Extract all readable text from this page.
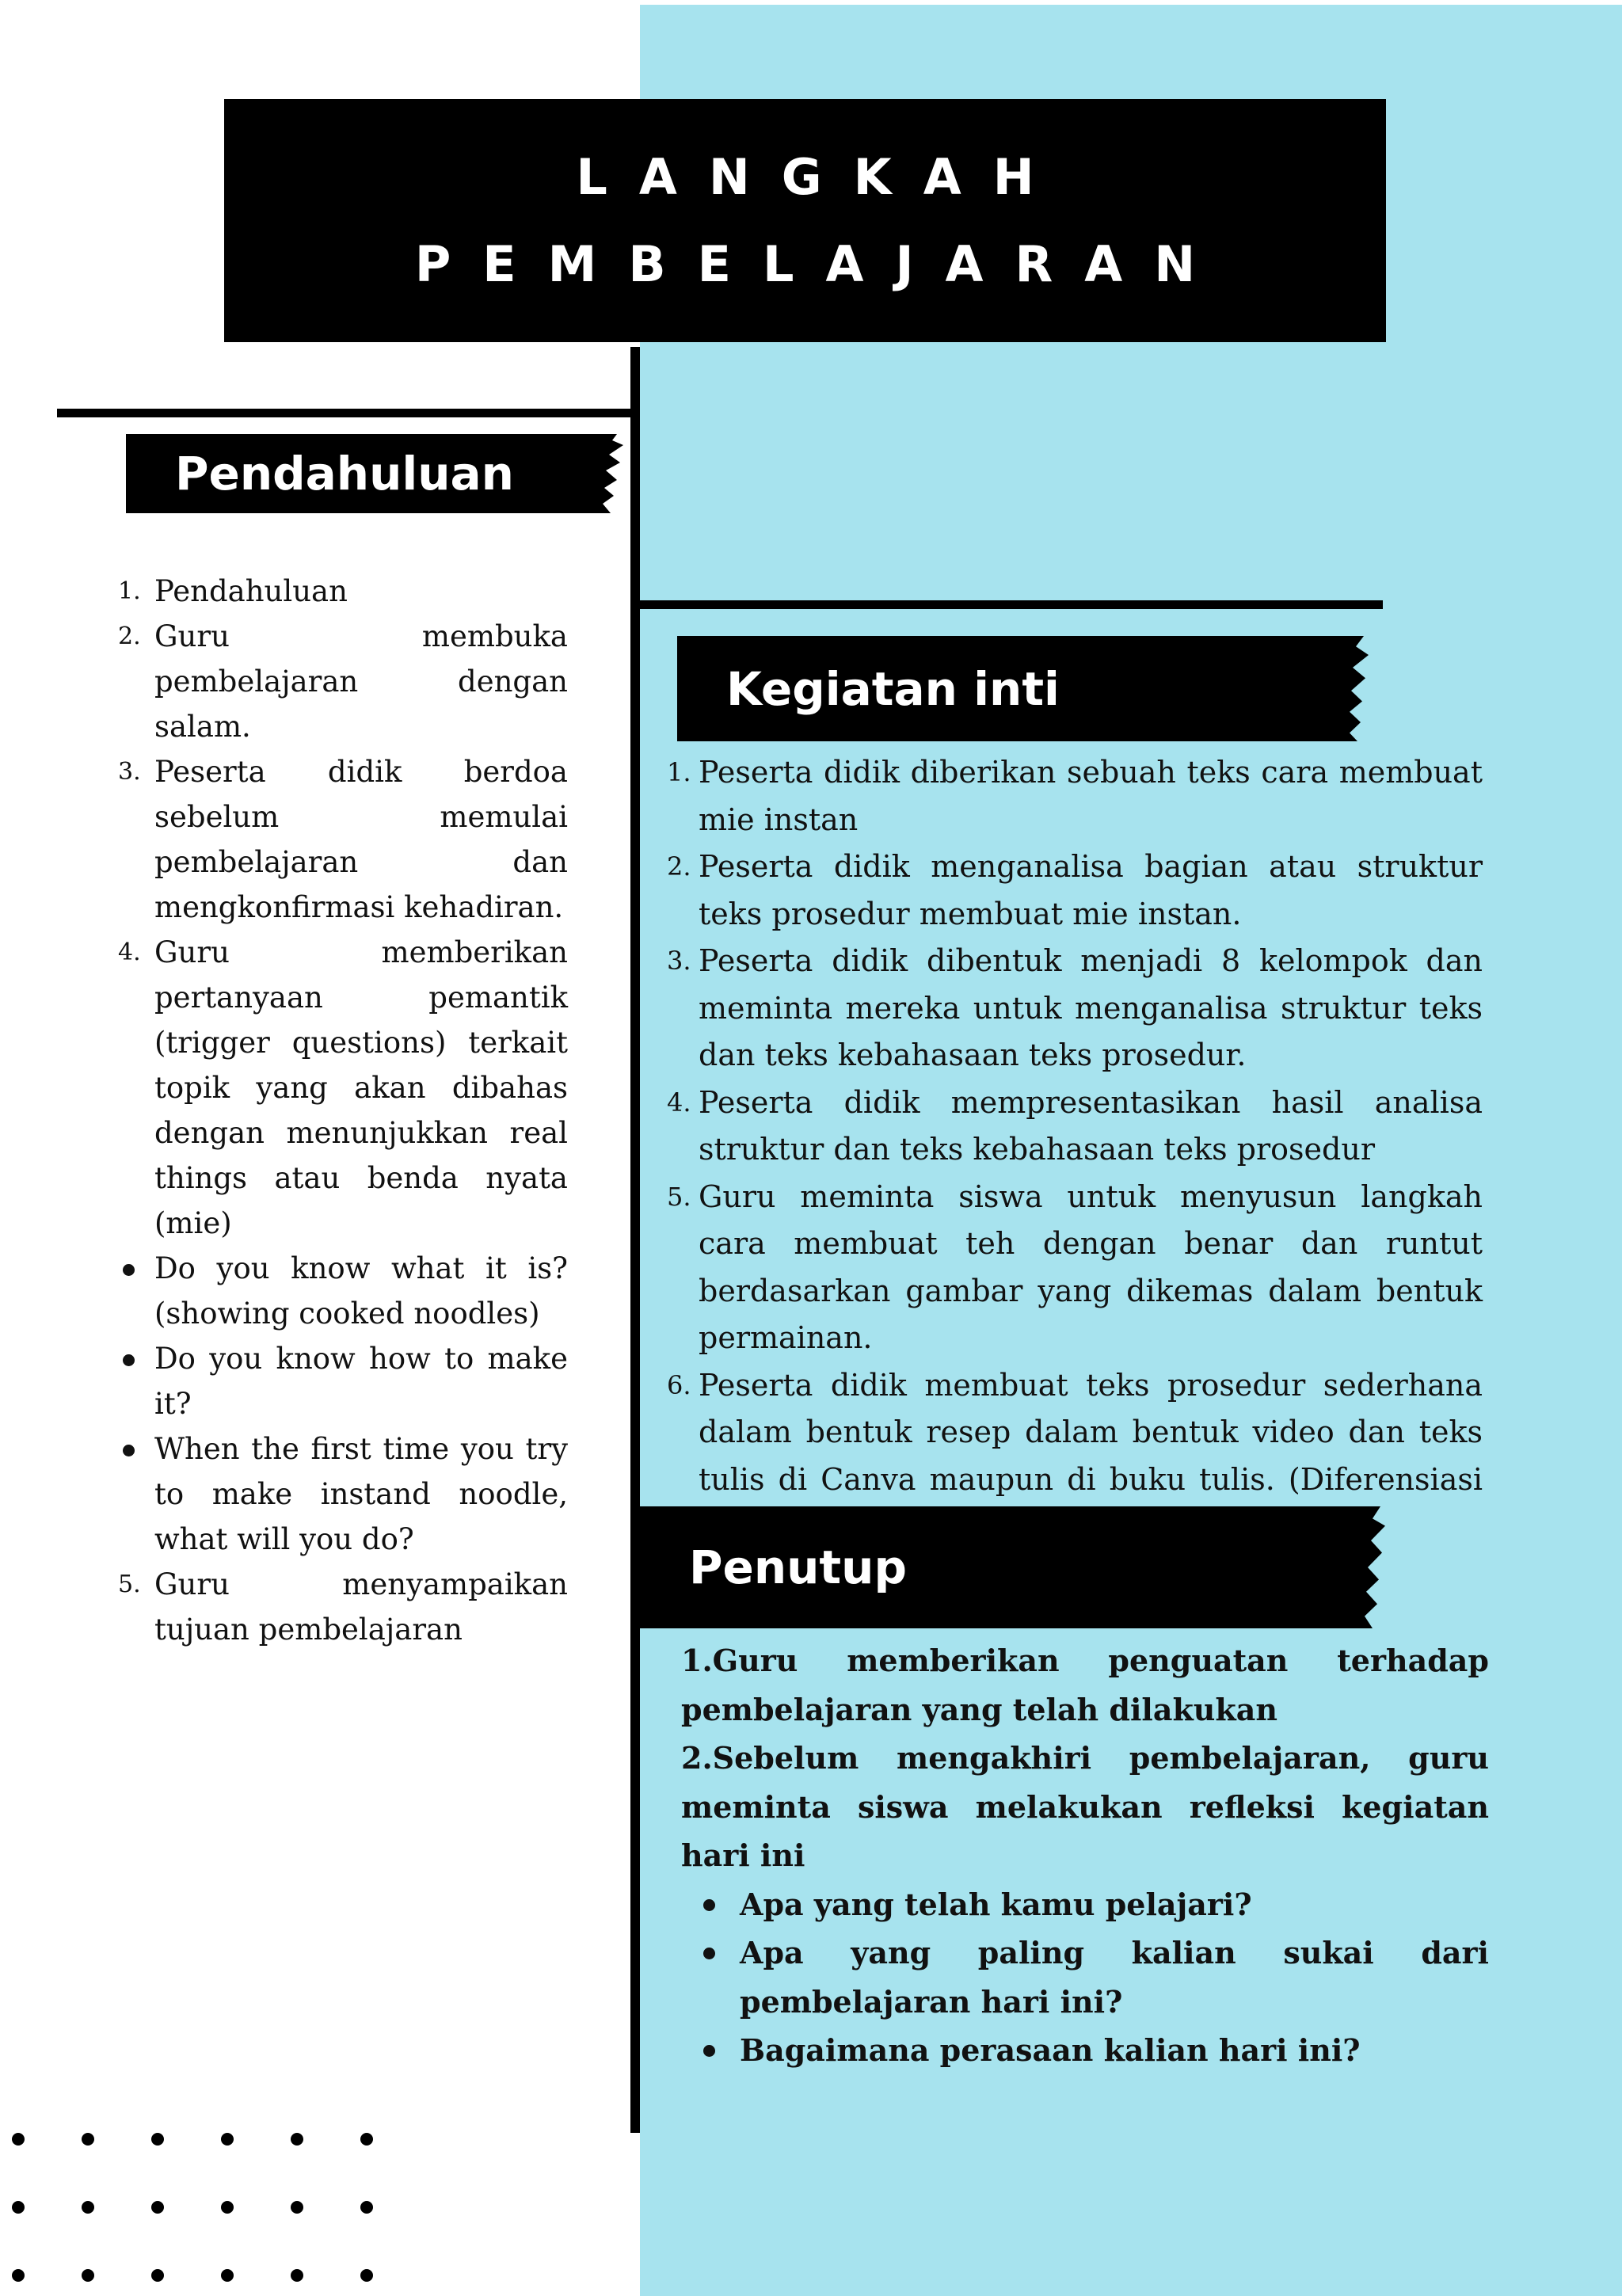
LANGKAH
PEMBELAJARAN
Pendahuluan
1. Pendahuluan
2. Guru membuka pembelajaran dengan salam.
3. Peserta didik berdoa sebelum memulai pembelajaran dan mengkonfirmasi kehadiran.
4. Guru memberikan pertanyaan pemantik (trigger questions) terkait topik yang akan dibahas dengan menunjukkan real things atau benda nyata (mie)
Do you know what it is? (showing cooked noodles)
Do you know how to make it?
When the first time you try to make instand noodle, what will you do?
5. Guru menyampaikan tujuan pembelajaran
Kegiatan inti
1. Peserta didik diberikan sebuah teks cara membuat mie instan
2. Peserta didik menganalisa bagian atau struktur teks prosedur membuat mie instan.
3. Peserta didik dibentuk menjadi 8 kelompok dan meminta mereka untuk menganalisa struktur teks dan teks kebahasaan teks prosedur.
4. Peserta didik mempresentasikan hasil analisa struktur dan teks kebahasaan teks prosedur
5. Guru meminta siswa untuk menyusun langkah cara membuat teh dengan benar dan runtut berdasarkan gambar yang dikemas dalam bentuk permainan.
6. Peserta didik membuat teks prosedur sederhana dalam bentuk resep dalam bentuk video dan teks tulis di Canva maupun di buku tulis. (Diferensiasi
Penutup

1.Guru memberikan penguatan terhadap pembelajaran yang telah dilakukan

2.Sebelum mengakhiri pembelajaran, guru meminta siswa melakukan refleksi kegiatan hari ini

Apa yang telah kamu pelajari?
Apa yang paling kalian sukai dari pembelajaran hari ini?
Bagaimana perasaan kalian hari ini?
